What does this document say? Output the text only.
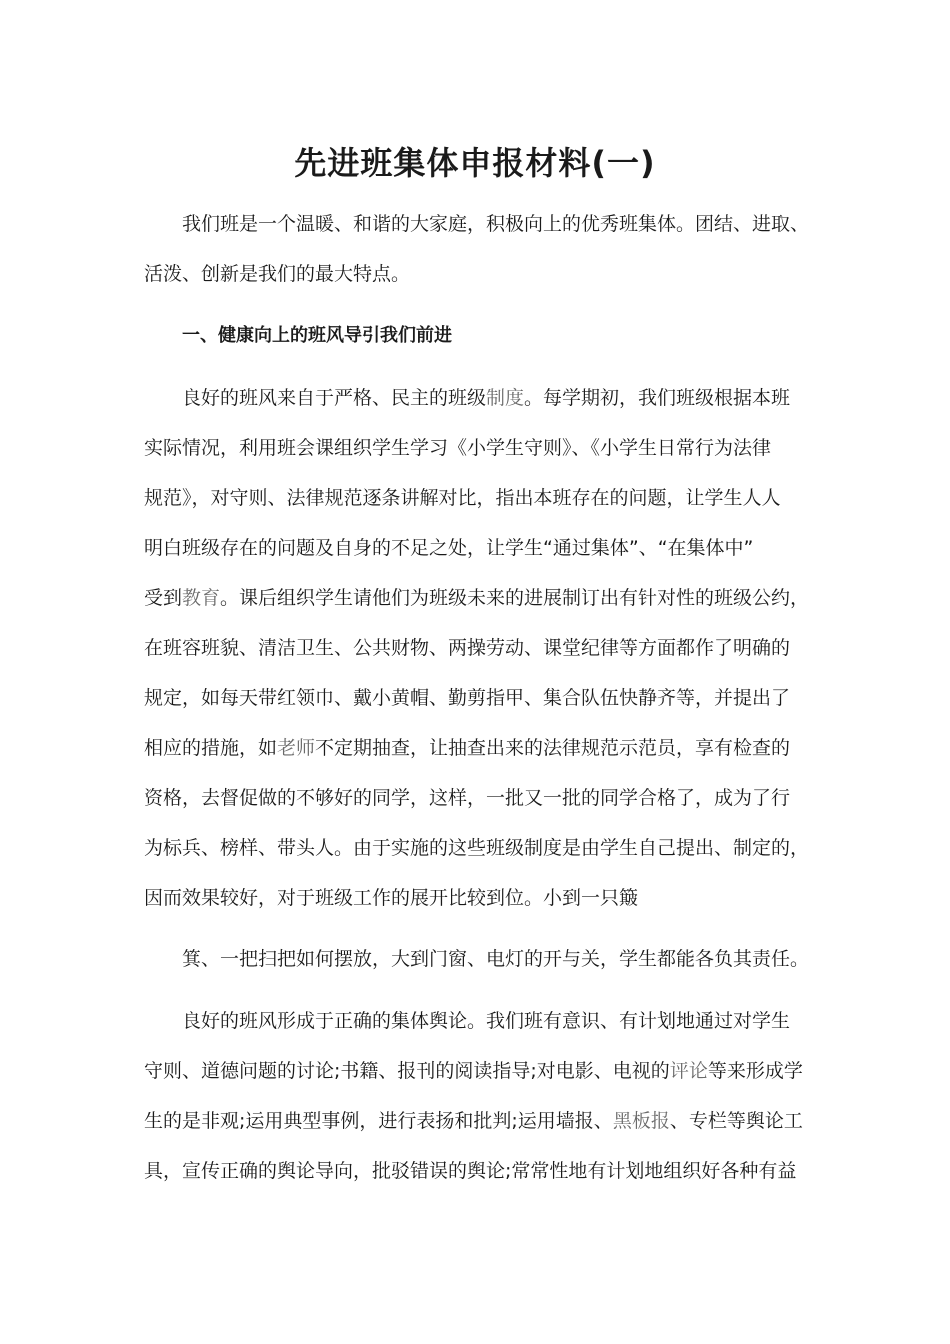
先进班集体申报材料(一)
我们班是一个温暖、和谐的大家庭，积极向上的优秀班集体。团结、进取、
活泼、创新是我们的最大特点。
一、健康向上的班风导引我们前进
良好的班风来自于严格、民主的班级制度。每学期初，我们班级根据本班
实际情况，利用班会课组织学生学习《小学生守则》、《小学生日常行为法律
规范》，对守则、法律规范逐条讲解对比，指出本班存在的问题，让学生人人
明白班级存在的问题及自身的不足之处，让学生“通过集体”、“在集体中”
受到教育。课后组织学生请他们为班级未来的进展制订出有针对性的班级公约，
在班容班貌、清洁卫生、公共财物、两操劳动、课堂纪律等方面都作了明确的
规定，如每天带红领巾、戴小黄帽、勤剪指甲、集合队伍快静齐等，并提出了
相应的措施，如老师不定期抽查，让抽查出来的法律规范示范员，享有检查的
资格，去督促做的不够好的同学，这样，一批又一批的同学合格了，成为了行
为标兵、榜样、带头人。由于实施的这些班级制度是由学生自己提出、制定的，
因而效果较好，对于班级工作的展开比较到位。小到一只簸
箕、一把扫把如何摆放，大到门窗、电灯的开与关，学生都能各负其责任。
良好的班风形成于正确的集体舆论。我们班有意识、有计划地通过对学生
守则、道德问题的讨论;书籍、报刊的阅读指导;对电影、电视的评论等来形成学
生的是非观;运用典型事例，进行表扬和批判;运用墙报、黑板报、专栏等舆论工
具，宣传正确的舆论导向，批驳错误的舆论;常常性地有计划地组织好各种有益
